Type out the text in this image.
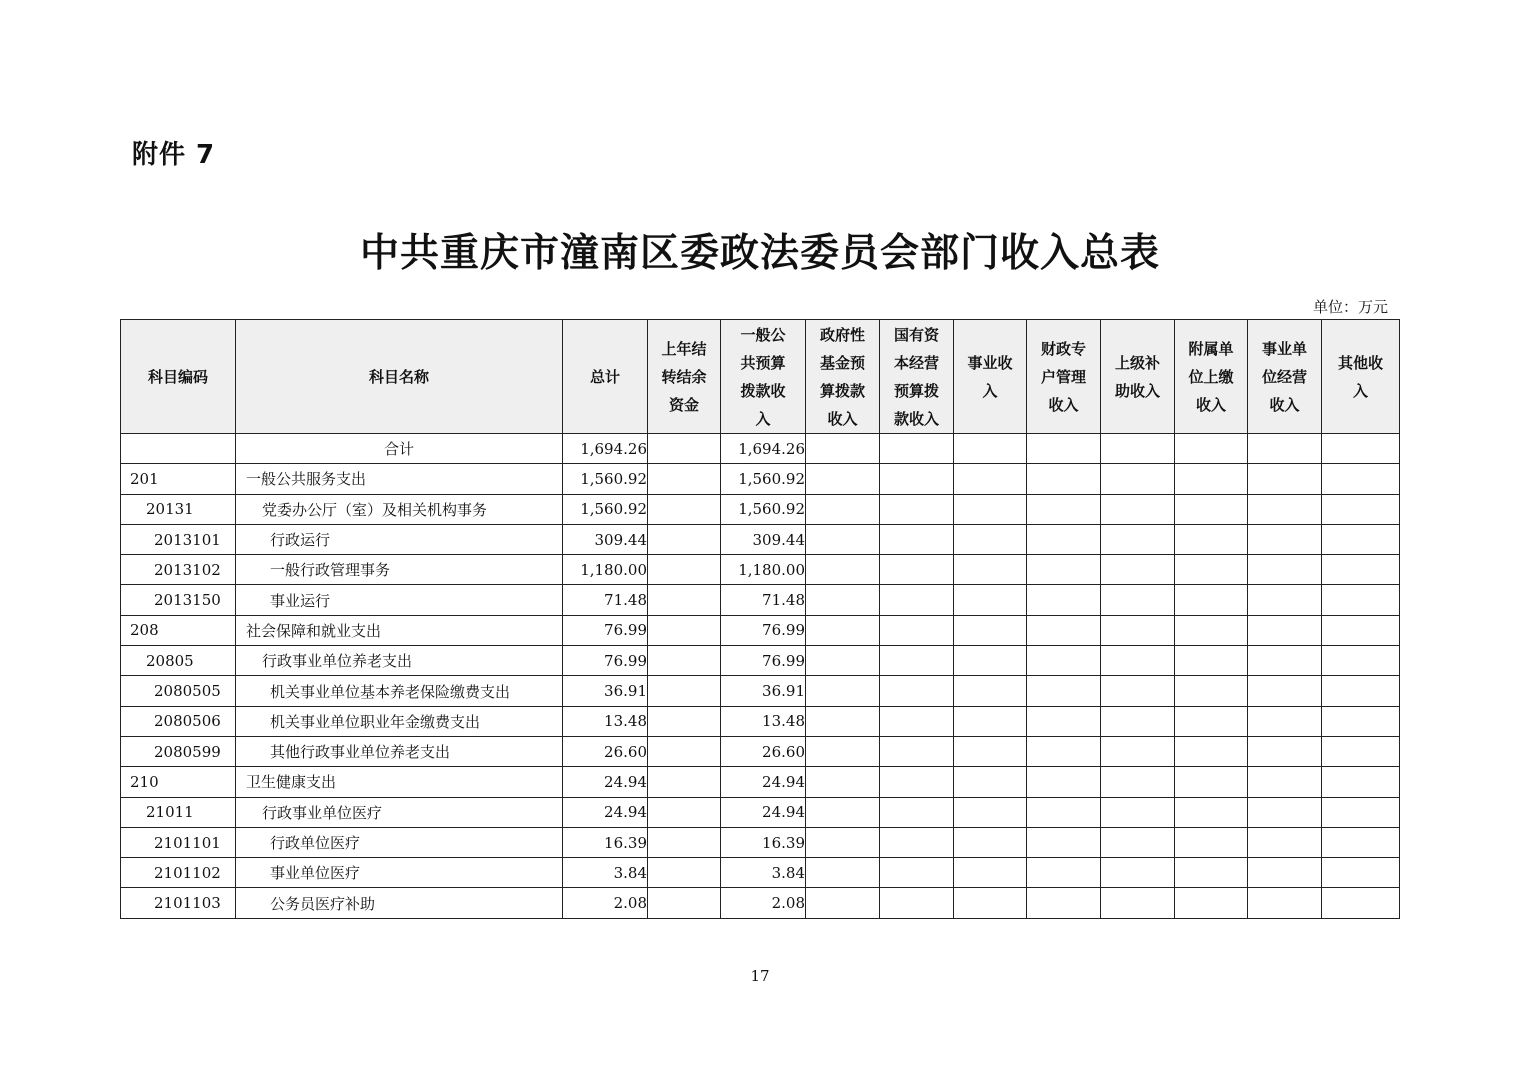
附件 7
中共重庆市潼南区委政法委员会部门收入总表
单位：万元
科目编码	科目名称	总计	上年结
转结余
资金	一般公
共预算
拨款收
入	政府性
基金预
算拨款
收入	国有资
本经营
预算拨
款收入	事业收
入	财政专
户管理
收入	上级补
助收入	附属单
位上缴
收入	事业单
位经营
收入	其他收
入

	合计	1,694.26		1,694.26								
201	一般公共服务支出	1,560.92		1,560.92								
20131	党委办公厅（室）及相关机构事务	1,560.92		1,560.92								
2013101	行政运行	309.44		309.44								
2013102	一般行政管理事务	1,180.00		1,180.00								
2013150	事业运行	71.48		71.48								
208	社会保障和就业支出	76.99		76.99								
20805	行政事业单位养老支出	76.99		76.99								
2080505	机关事业单位基本养老保险缴费支出	36.91		36.91								
2080506	机关事业单位职业年金缴费支出	13.48		13.48								
2080599	其他行政事业单位养老支出	26.60		26.60								
210	卫生健康支出	24.94		24.94								
21011	行政事业单位医疗	24.94		24.94								
2101101	行政单位医疗	16.39		16.39								
2101102	事业单位医疗	3.84		3.84								
2101103	公务员医疗补助	2.08		2.08								
17
